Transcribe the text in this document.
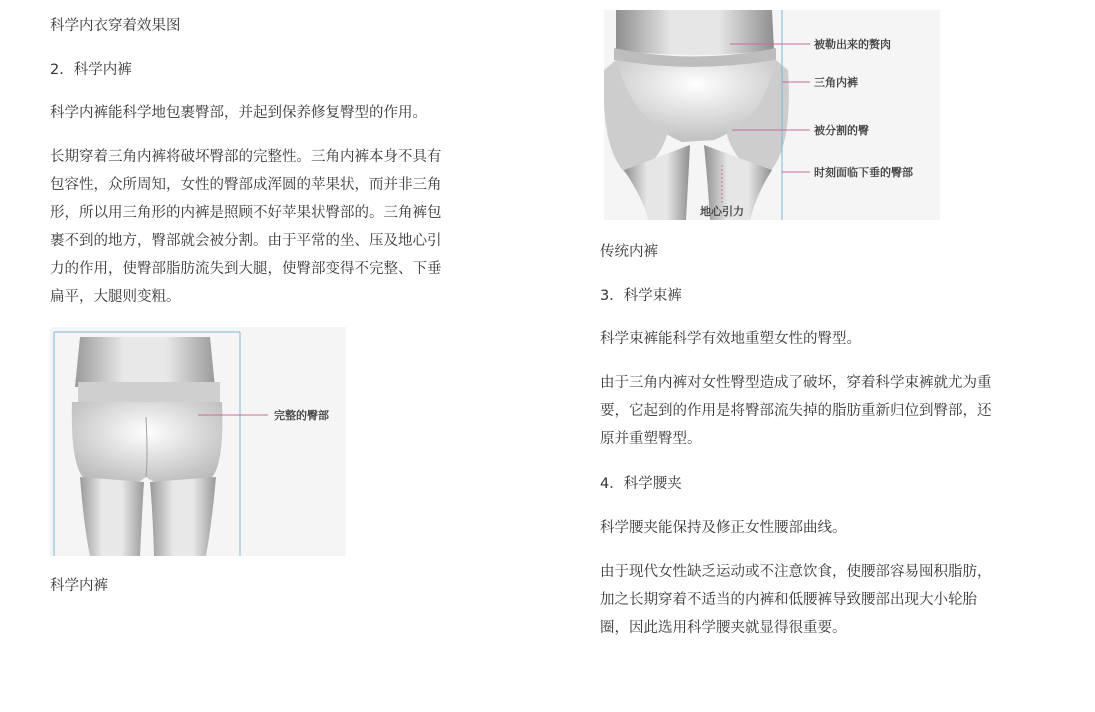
科学内衣穿着效果图

2．科学内裤

科学内裤能科学地包裹臀部，并起到保养修复臀型的作用。

长期穿着三角内裤将破坏臀部的完整性。三角内裤本身不具有
包容性，众所周知，女性的臀部成浑圆的苹果状，而并非三角
形，所以用三角形的内裤是照顾不好苹果状臀部的。三角裤包
裹不到的地方，臀部就会被分割。由于平常的坐、压及地心引
力的作用，使臀部脂肪流失到大腿，使臀部变得不完整、下垂
扁平，大腿则变粗。
完整的臀部

科学内裤

地心引力
被勒出来的赘肉
三角内裤
被分割的臀
时刻面临下垂的臀部

传统内裤

3．科学束裤

科学束裤能科学有效地重塑女性的臀型。

由于三角内裤对女性臀型造成了破坏，穿着科学束裤就尤为重
要，它起到的作用是将臀部流失掉的脂肪重新归位到臀部，还
原并重塑臀型。

4．科学腰夹

科学腰夹能保持及修正女性腰部曲线。

由于现代女性缺乏运动或不注意饮食，使腰部容易囤积脂肪，
加之长期穿着不适当的内裤和低腰裤导致腰部出现大小轮胎
圈，因此选用科学腰夹就显得很重要。
